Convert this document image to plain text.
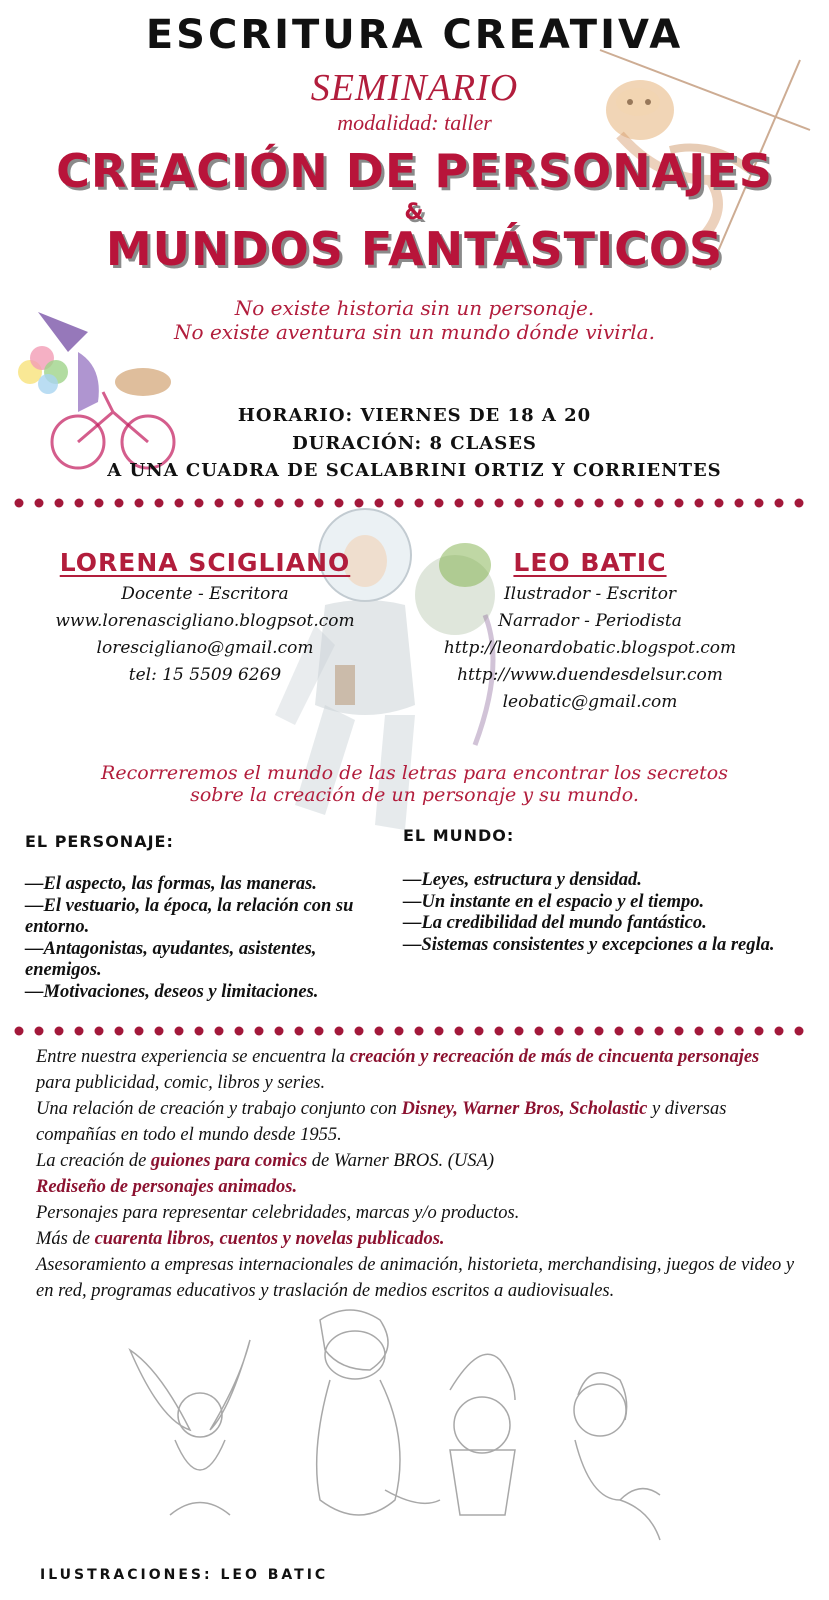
ESCRITURA CREATIVA
SEMINARIO
modalidad: taller
CREACIÓN DE PERSONAJES
&
MUNDOS FANTÁSTICOS
No existe historia sin un personaje.
No existe aventura sin un mundo dónde vivirla.
HORARIO: VIERNES DE 18 A 20
DURACIÓN: 8 CLASES
A UNA CUADRA DE SCALABRINI ORTIZ Y CORRIENTES
LORENA SCIGLIANO
Docente - Escritora
www.lorenascigliano.blogpsot.com
lorescigliano@gmail.com
tel: 15 5509 6269
LEO BATIC
Ilustrador - Escritor
Narrador - Periodista
http://leonardobatic.blogspot.com
http://www.duendesdelsur.com
leobatic@gmail.com
Recorreremos el mundo de las letras para encontrar los secretos
sobre la creación de un personaje y su mundo.
EL PERSONAJE:
—El aspecto, las formas, las maneras.
—El vestuario, la época, la relación con su entorno.
—Antagonistas, ayudantes, asistentes, enemigos.
—Motivaciones, deseos y limitaciones.
EL MUNDO:
—Leyes, estructura y densidad.
—Un instante en el espacio y el tiempo.
—La credibilidad del mundo fantástico.
—Sistemas consistentes y excepciones a la regla.
Entre nuestra experiencia se encuentra la creación y recreación de más de cincuenta personajes para publicidad, comic, libros y series.
Una relación de creación y trabajo conjunto con Disney, Warner Bros, Scholastic y diversas compañías en todo el mundo desde 1955.
La creación de guiones para comics de Warner BROS. (USA)
Rediseño de personajes animados.
Personajes para representar celebridades, marcas y/o productos.
Más de cuarenta libros, cuentos y novelas publicados.
Asesoramiento a empresas internacionales de animación, historieta, merchandising, juegos de video y en red, programas educativos y traslación de medios escritos a audiovisuales.
ILUSTRACIONES: LEO BATIC
